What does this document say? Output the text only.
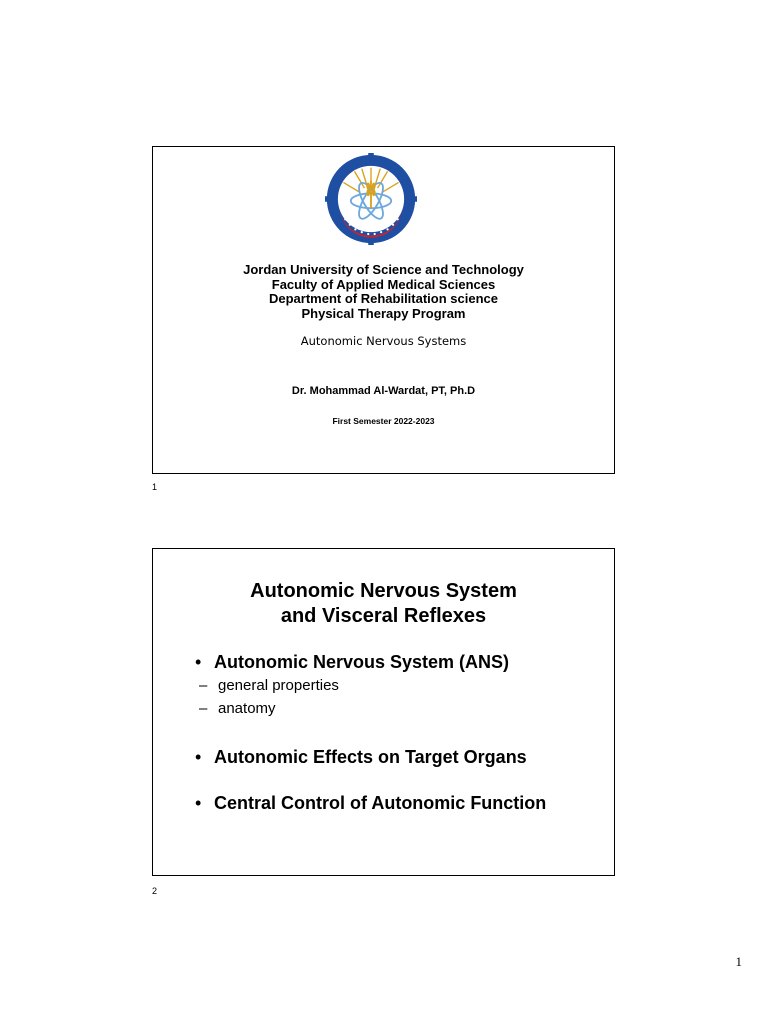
Jordan University of Science and Technology
Faculty of Applied Medical Sciences
Department of Rehabilitation science
Physical Therapy Program
Autonomic Nervous Systems
Dr. Mohammad Al-Wardat, PT, Ph.D
First Semester 2022-2023
1
Autonomic Nervous System
and Visceral Reflexes
• Autonomic Nervous System (ANS)
– general properties
– anatomy
• Autonomic Effects on Target Organs
• Central Control of Autonomic Function
2
1
